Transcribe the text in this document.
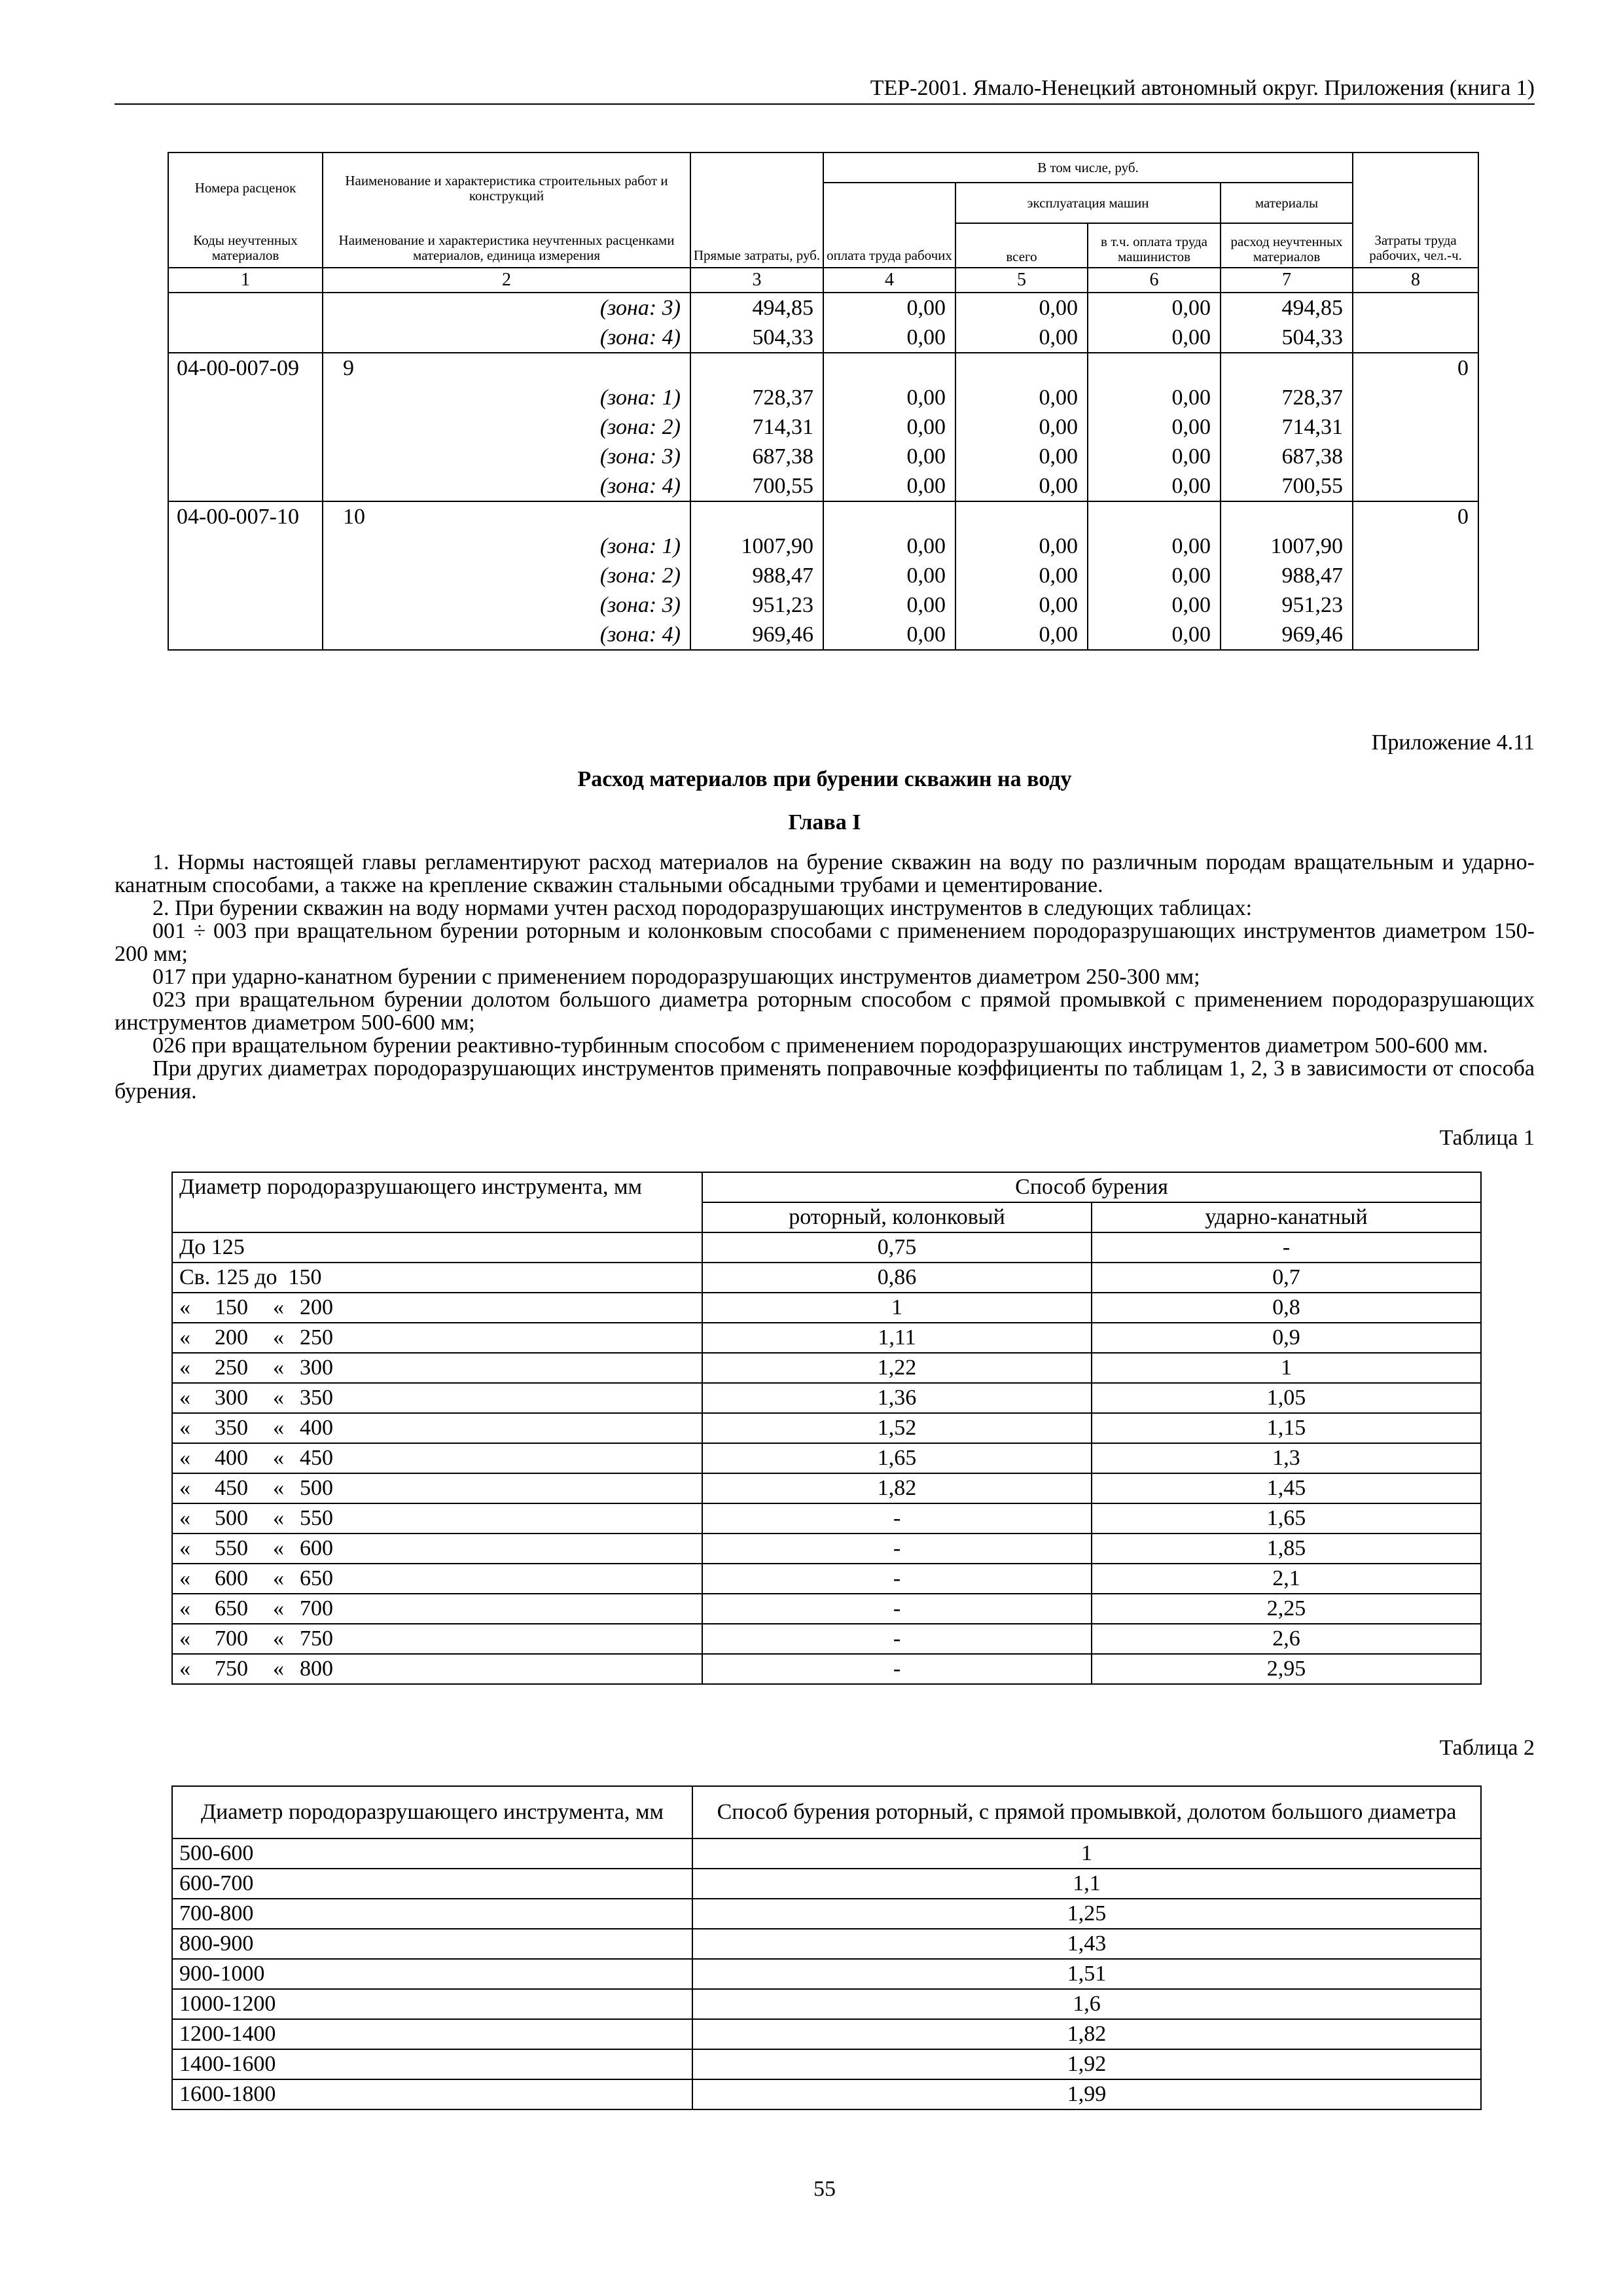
ТЕР-2001. Ямало-Ненецкий автономный округ. Приложения (книга 1)
Номера расценок	Наименование и характеристика строительных работ и конструкций	Прямые затраты, руб.	В том числе, руб.				Затраты труда рабочих, чел.-ч.
			оплата труда рабочих	эксплуатация машин		материалы	
Коды неучтенных материалов	Наименование и характеристика неучтенных расценками материалов, единица измерения			всего	в т.ч. оплата труда машинистов	расход неучтенных материалов	
1	2	3	4	5	6	7	8
	(зона: 3)	494,85	0,00	0,00	0,00	494,85	
	(зона: 4)	504,33	0,00	0,00	0,00	504,33	
04-00-007-09	9						0
	(зона: 1)	728,37	0,00	0,00	0,00	728,37	
	(зона: 2)	714,31	0,00	0,00	0,00	714,31	
	(зона: 3)	687,38	0,00	0,00	0,00	687,38	
	(зона: 4)	700,55	0,00	0,00	0,00	700,55	
04-00-007-10	10						0
	(зона: 1)	1007,90	0,00	0,00	0,00	1007,90	
	(зона: 2)	988,47	0,00	0,00	0,00	988,47	
	(зона: 3)	951,23	0,00	0,00	0,00	951,23	
	(зона: 4)	969,46	0,00	0,00	0,00	969,46	
Приложение 4.11
Расход материалов при бурении скважин на воду
Глава I

1. Нормы настоящей главы регламентируют расход материалов на бурение скважин на воду по различным породам вращательным и ударно-канатным способами, а также на крепление скважин стальными обсадными трубами и цементирование.

2. При бурении скважин на воду нормами учтен расход породоразрушающих инструментов в следующих таблицах:

001 ÷ 003 при вращательном бурении роторным и колонковым способами с применением породоразрушающих инструментов диаметром 150-200 мм;

017 при ударно-канатном бурении с применением породоразрушающих инструментов диаметром 250-300 мм;

023 при вращательном бурении долотом большого диаметра роторным способом с прямой промывкой с применением породоразрушающих инструментов диаметром 500-600 мм;

026 при вращательном бурении реактивно-турбинным способом с применением породоразрушающих инструментов диаметром 500-600 мм.

При других диаметрах породоразрушающих инструментов применять поправочные коэффициенты по таблицам 1, 2, 3 в зависимости от способа бурения.

Таблица 1
Диаметр породоразрушающего инструмента, мм	Способ бурения	
	роторный, колонковый	ударно-канатный
До 125	0,75	-
Св. 125 до  150	0,86	0,7

« 150 « 200	1	0,8

« 200 « 250	1,11	0,9

« 250 « 300	1,22	1

« 300 « 350	1,36	1,05

« 350 « 400	1,52	1,15

« 400 « 450	1,65	1,3

« 450 « 500	1,82	1,45

« 500 « 550	-	1,65

« 550 « 600	-	1,85

« 600 « 650	-	2,1

« 650 « 700	-	2,25

« 700 « 750	-	2,6

« 750 « 800	-	2,95
Таблица 2
Диаметр породоразрушающего инструмента, мм	Способ бурения роторный, с прямой промывкой, долотом большого диаметра
500-600	1
600-700	1,1
700-800	1,25
800-900	1,43
900-1000	1,51
1000-1200	1,6
1200-1400	1,82
1400-1600	1,92
1600-1800	1,99
55
